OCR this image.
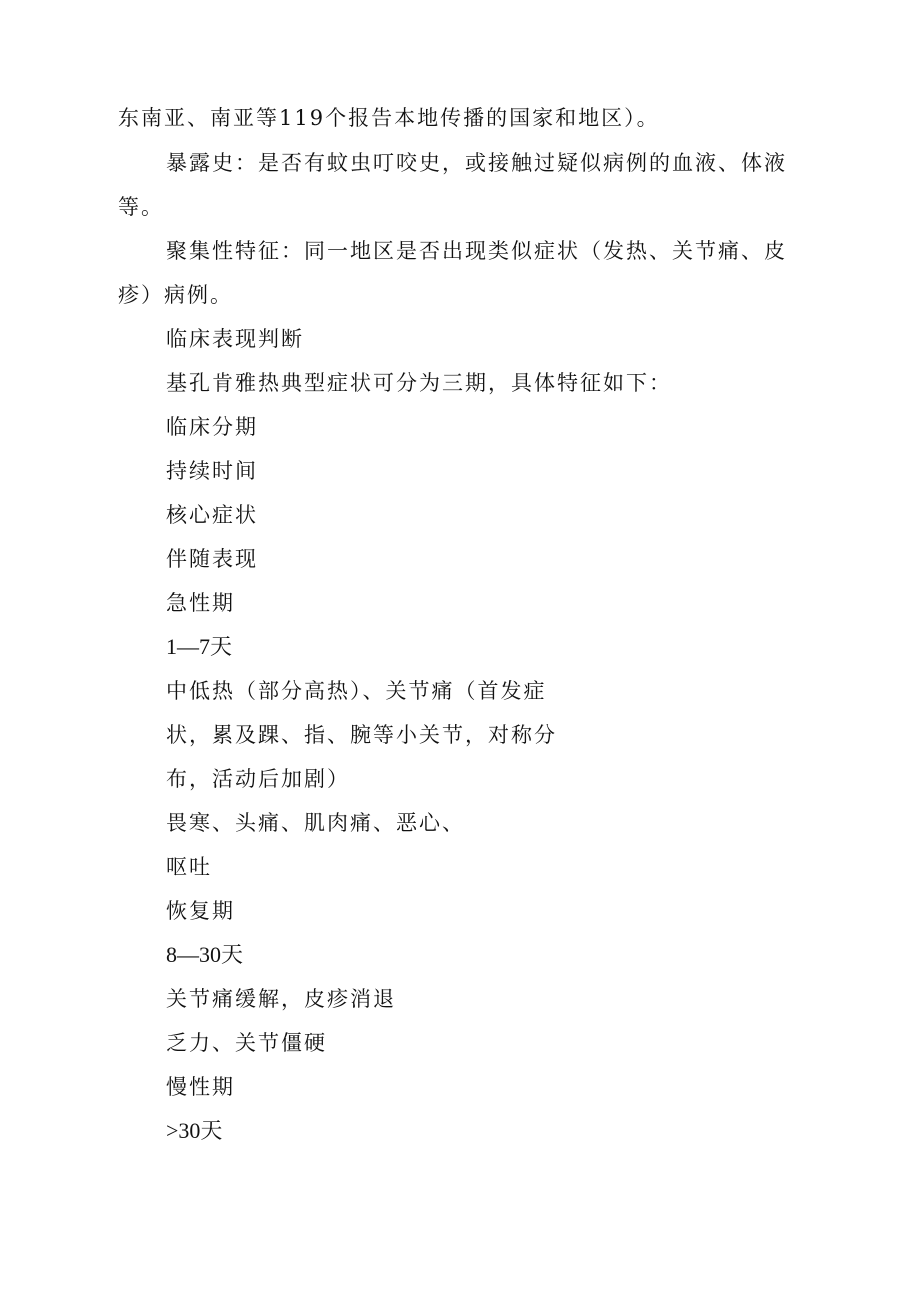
东南亚、南亚等119个报告本地传播的国家和地区）。
暴露史：是否有蚊虫叮咬史，或接触过疑似病例的血液、体液
等。
聚集性特征：同一地区是否出现类似症状（发热、关节痛、皮
疹）病例。
临床表现判断
基孔肯雅热典型症状可分为三期，具体特征如下：
临床分期
持续时间
核心症状
伴随表现
急性期
1—7天
中低热（部分高热）、关节痛（首发症
状，累及踝、指、腕等小关节，对称分
布，活动后加剧）
畏寒、头痛、肌肉痛、恶心、
呕吐
恢复期
8—30天
关节痛缓解，皮疹消退
乏力、关节僵硬
慢性期
>30天
